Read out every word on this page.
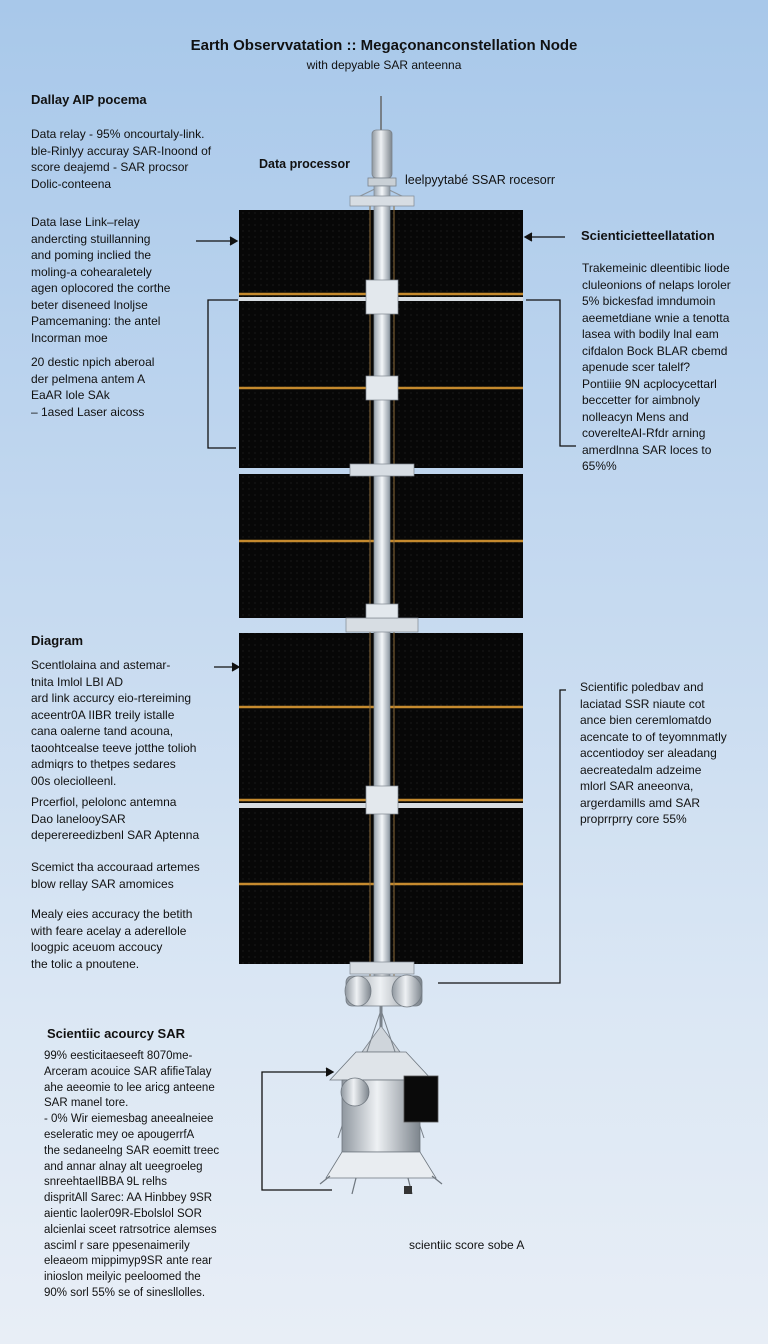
Earth Observvatation :: Megaçonanconstellation Node
with depyable SAR anteenna
Dallay AIP pocema
Data relay - 95% oncourtaly-link.
ble-Rinlyy accuray SAR-Inoond of
score deajemd - SAR procsor
Dolic-conteena
Data lase Link–relay
andercting stuillanning
and poming inclied the
moling-a cohearaletely
agen oplocored the corthe
beter diseneed lnoljse
Pamcemaning: the antel
Incorman moe
20 destic npich aberoal
der pelmena antem A
EaAR lole SAk
– 1ased Laser aicoss
Diagram
Scentlolaina and astemar-
tnita Imlol LBI AD
ard link accurcy eio-rtereiming
aceentr0A IIBR treily istalle
cana oalerne tand acouna,
taoohtcealse teeve jotthe tolioh
admiqrs to thetpes sedares
00s oleciolleenl.
Prcerfiol, pelolonc antemna
Dao lanelooySAR
deperereedizbenl SAR Aptenna
Scemict tha accouraad artemes
blow rellay SAR amomices
Mealy eies accuracy the betith
with feare acelay a aderellole
loogpic aceuom accoucy
the tolic a pnoutene.
Scientiic acourcy SAR
99% eesticitaeseeft 8070me-
Arceram acouice SAR afifieTalay
ahe aeeomie to lee aricg anteene
SAR manel tore.
- 0% Wir eiemesbag aneealneiee
eseleratic mey oe apougerrfA
the sedaneelng SAR eoemitt treec
and annar alnay alt ueegroeleg
snreehtaeIlBBA 9L relhs
dispritAll Sarec: AA Hinbbey 9SR
aientic laoler09R-Ebolslol SOR
alcienlai sceet ratrsotrice alemses
asciml r sare ppesenaimerily
eleaeom mippimyp9SR ante rear
inioslon meilyic peeloomed the
90% sorl 55% se of sinesllolles.
Trakemeinic dleentibic liode
cluleonions of nelaps loroler
5% bickesfad imndumoin
aeemetdiane wnie a tenotta
lasea with bodily lnal eam
cifdalon Bock BLAR cbemd
apenude scer talelf?
Pontiiie 9N acplocycettarl
beccetter for aimbnoly
nolleacyn Mens and
coverelteAI-Rfdr arning
amerdlnna SAR loces to
65%%
Scientific poledbav and
laciatad SSR niaute cot
ance bien ceremlomatdo
acencate to of teyomnmatly
accentiodoy ser aleadang
aecreatedalm adzeime
mlorl SAR aneeonva,
argerdamills amd SAR
proprrprry core 55%
Data processor
leelpyytabé SSAR rocesorr
Scienticietteellatation
scientiic score sobe A
